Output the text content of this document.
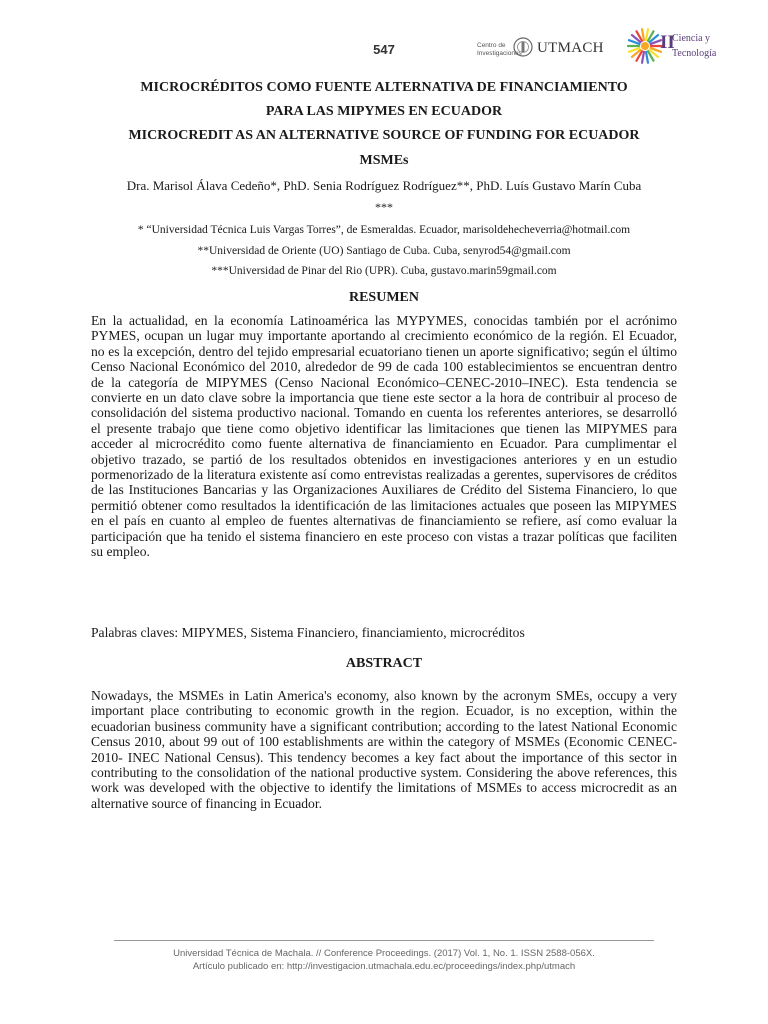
547	Centro de Investigaciones UTMACH	II
Ciencia y
Tecnología
MICROCRÉDITOS COMO FUENTE ALTERNATIVA DE FINANCIAMIENTO
PARA LAS MIPYMES EN ECUADOR
MICROCREDIT AS AN ALTERNATIVE SOURCE OF FUNDING FOR ECUADOR
MSMEs
Dra. Marisol Álava Cedeño*, PhD. Senia Rodríguez Rodríguez**, PhD. Luís Gustavo Marín Cuba
***
* “Universidad Técnica Luis Vargas Torres”, de Esmeraldas. Ecuador, marisoldehecheverria@hotmail.com
**Universidad de Oriente (UO) Santiago de Cuba. Cuba, senyrod54@gmail.com
***Universidad de Pinar del Rio (UPR). Cuba, gustavo.marin59gmail.com
RESUMEN
En la actualidad, en la economía Latinoamérica las MYPYMES, conocidas también por el acrónimo PYMES, ocupan un lugar muy importante aportando al crecimiento económico de la región. El Ecuador, no es la excepción, dentro del tejido empresarial ecuatoriano tienen un aporte significativo; según el último Censo Nacional Económico del 2010, alrededor de 99 de cada 100 establecimientos se encuentran dentro de la categoría de MIPYMES (Censo Nacional Económico–CENEC-2010–INEC). Esta tendencia se convierte en un dato clave sobre la importancia que tiene este sector a la hora de contribuir al proceso de consolidación del sistema productivo nacional. Tomando en cuenta los referentes anteriores, se desarrolló el presente trabajo que tiene como objetivo identificar las limitaciones que tienen las MIPYMES para acceder al microcrédito como fuente alternativa de financiamiento en Ecuador. Para cumplimentar el objetivo trazado, se partió de los resultados obtenidos en investigaciones anteriores y en un estudio pormenorizado de la literatura existente así como entrevistas realizadas a gerentes, supervisores de créditos de las Instituciones Bancarias y las Organizaciones Auxiliares de Crédito del Sistema Financiero, lo que permitió obtener como resultados la identificación de las limitaciones actuales que poseen las MIPYMES en el país en cuanto al empleo de fuentes alternativas de financiamiento se refiere, así como evaluar la participación que ha tenido el sistema financiero en este proceso con vistas a trazar políticas que faciliten su empleo.
Palabras claves: MIPYMES, Sistema Financiero, financiamiento, microcréditos
ABSTRACT
Nowadays, the MSMEs in Latin America's economy, also known by the acronym SMEs, occupy a very important place contributing to economic growth in the region. Ecuador, is no exception, within the ecuadorian business community have a significant contribution; according to the latest National Economic Census 2010, about 99 out of 100 establishments are within the category of MSMEs (Economic CENEC-2010- INEC National Census). This tendency becomes a key fact about the importance of this sector in contributing to the consolidation of the national productive system. Considering the above references, this work was developed with the objective to identify the limitations of MSMEs to access microcredit as an alternative source of financing in Ecuador.
Universidad Técnica de Machala. // Conference Proceedings. (2017) Vol. 1, No. 1. ISSN 2588-056X.
Artículo publicado en: http://investigacion.utmachala.edu.ec/proceedings/index.php/utmach
